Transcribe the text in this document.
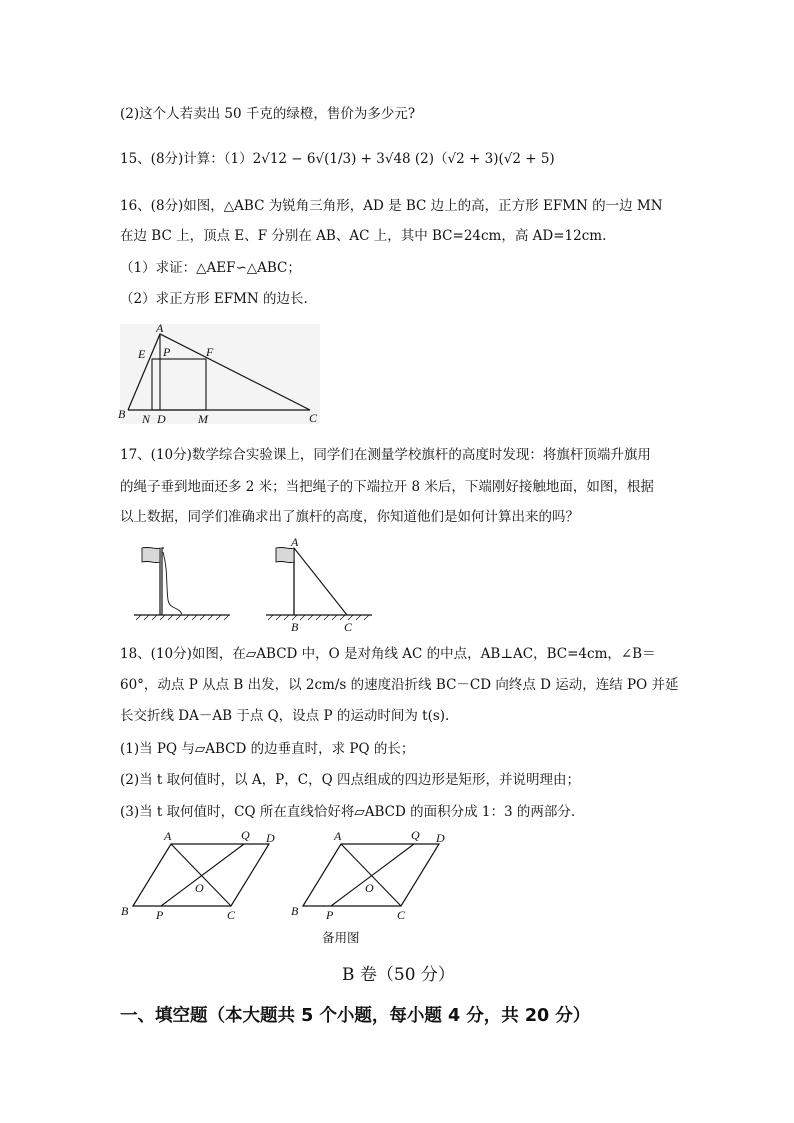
(2)这个人若卖出 50 千克的绿橙，售价为多少元?
15、(8分)计算：（1）2√12 − 6√(1/3) + 3√48 (2)（√2 + 3)(√2 + 5)
16、(8分)如图，△ABC 为锐角三角形，AD 是 BC 边上的高，正方形 EFMN 的一边 MN
在边 BC 上，顶点 E、F 分别在 AB、AC 上，其中 BC=24cm，高 AD=12cm.
（1）求证：△AEF∽△ABC；
（2）求正方形 EFMN 的边长.
A
E P	F
B N D	M	C
17、(10分)数学综合实验课上，同学们在测量学校旗杆的高度时发现：将旗杆顶端升旗用
的绳子垂到地面还多 2 米；当把绳子的下端拉开 8 米后，下端刚好接触地面，如图，根据
以上数据，同学们准确求出了旗杆的高度，你知道他们是如何计算出来的吗？
A
B	C
18、(10分)如图，在▱ABCD 中，O 是对角线 AC 的中点，AB⊥AC，BC=4cm，∠B＝
60°，动点 P 从点 B 出发，以 2cm/s 的速度沿折线 BC－CD 向终点 D 运动，连结 PO 并延
长交折线 DA－AB 于点 Q，设点 P 的运动时间为 t(s).
(1)当 PQ 与▱ABCD 的边垂直时，求 PQ 的长；
(2)当 t 取何值时，以 A，P，C，Q 四点组成的四边形是矩形，并说明理由；
(3)当 t 取何值时，CQ 所在直线恰好将▱ABCD 的面积分成 1：3 的两部分.
A	Q D
O
B P	C
A	Q D
O
B P	C
备用图
B 卷（50 分）
一、填空题（本大题共 5 个小题，每小题 4 分，共 20 分）
